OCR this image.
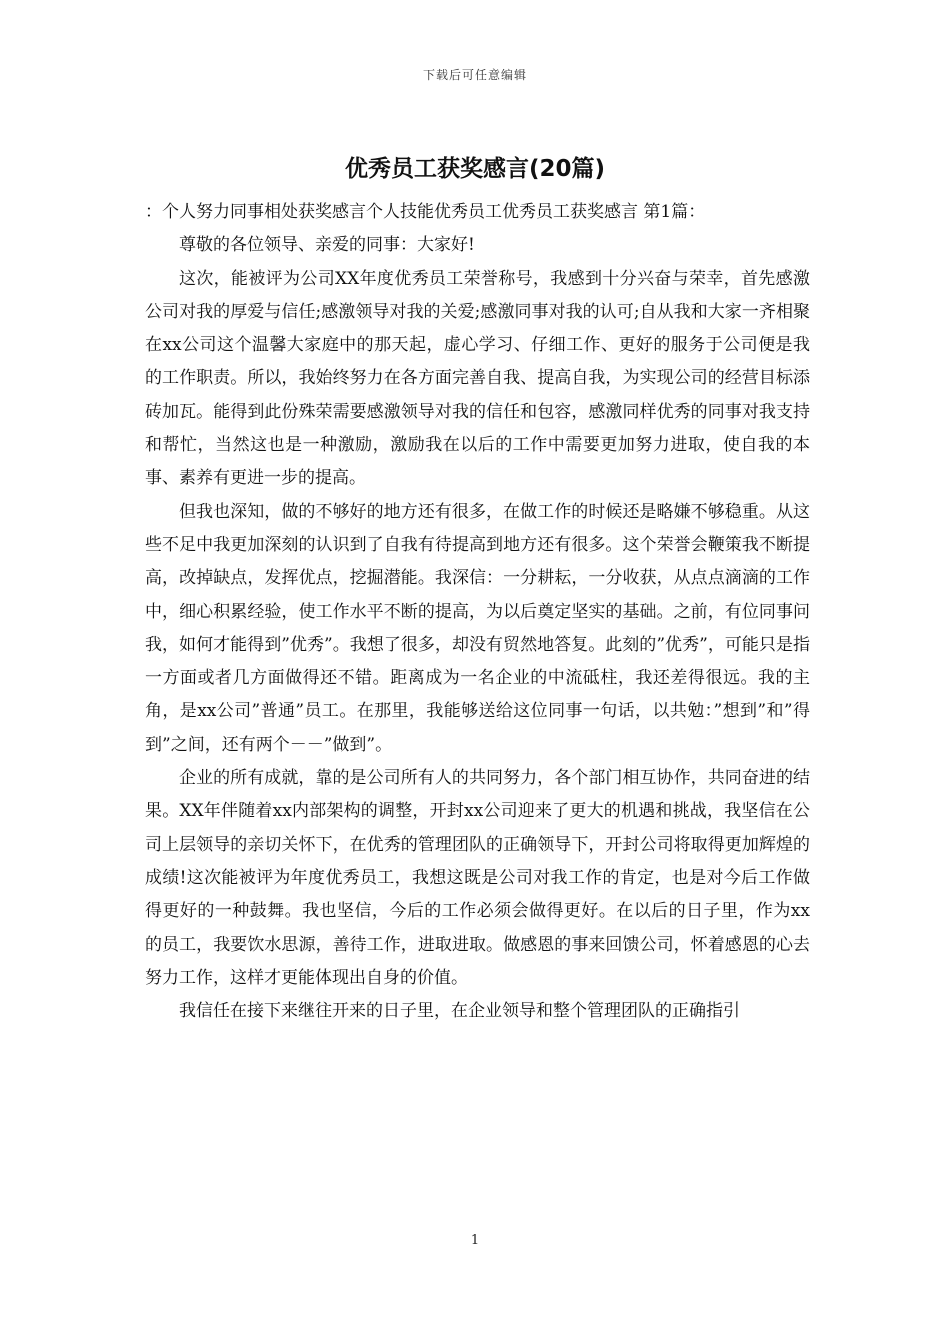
下载后可任意编辑
优秀员工获奖感言(20篇)

：个人努力同事相处获奖感言个人技能优秀员工优秀员工获奖感言 第1篇：

尊敬的各位领导、亲爱的同事：大家好!

这次，能被评为公司XX年度优秀员工荣誉称号，我感到十分兴奋与荣幸，首先感激公司对我的厚爱与信任;感激领导对我的关爱;感激同事对我的认可;自从我和大家一齐相聚在xx公司这个温馨大家庭中的那天起，虚心学习、仔细工作、更好的服务于公司便是我的工作职责。所以，我始终努力在各方面完善自我、提高自我，为实现公司的经营目标添砖加瓦。能得到此份殊荣需要感激领导对我的信任和包容，感激同样优秀的同事对我支持和帮忙，当然这也是一种激励，激励我在以后的工作中需要更加努力进取，使自我的本事、素养有更进一步的提高。

但我也深知，做的不够好的地方还有很多，在做工作的时候还是略嫌不够稳重。从这些不足中我更加深刻的认识到了自我有待提高到地方还有很多。这个荣誉会鞭策我不断提高，改掉缺点，发挥优点，挖掘潜能。我深信：一分耕耘，一分收获，从点点滴滴的工作中，细心积累经验，使工作水平不断的提高，为以后奠定坚实的基础。之前，有位同事问我，如何才能得到”优秀”。我想了很多，却没有贸然地答复。此刻的”优秀”，可能只是指一方面或者几方面做得还不错。距离成为一名企业的中流砥柱，我还差得很远。我的主角，是xx公司”普通”员工。在那里，我能够送给这位同事一句话，以共勉：”想到”和”得到”之间，还有两个－－”做到”。

企业的所有成就，靠的是公司所有人的共同努力，各个部门相互协作，共同奋进的结果。XX年伴随着xx内部架构的调整，开封xx公司迎来了更大的机遇和挑战，我坚信在公司上层领导的亲切关怀下，在优秀的管理团队的正确领导下，开封公司将取得更加辉煌的成绩!这次能被评为年度优秀员工，我想这既是公司对我工作的肯定，也是对今后工作做得更好的一种鼓舞。我也坚信，今后的工作必须会做得更好。在以后的日子里，作为xx的员工，我要饮水思源，善待工作，进取进取。做感恩的事来回馈公司，怀着感恩的心去努力工作，这样才更能体现出自身的价值。

我信任在接下来继往开来的日子里，在企业领导和整个管理团队的正确指引

1
